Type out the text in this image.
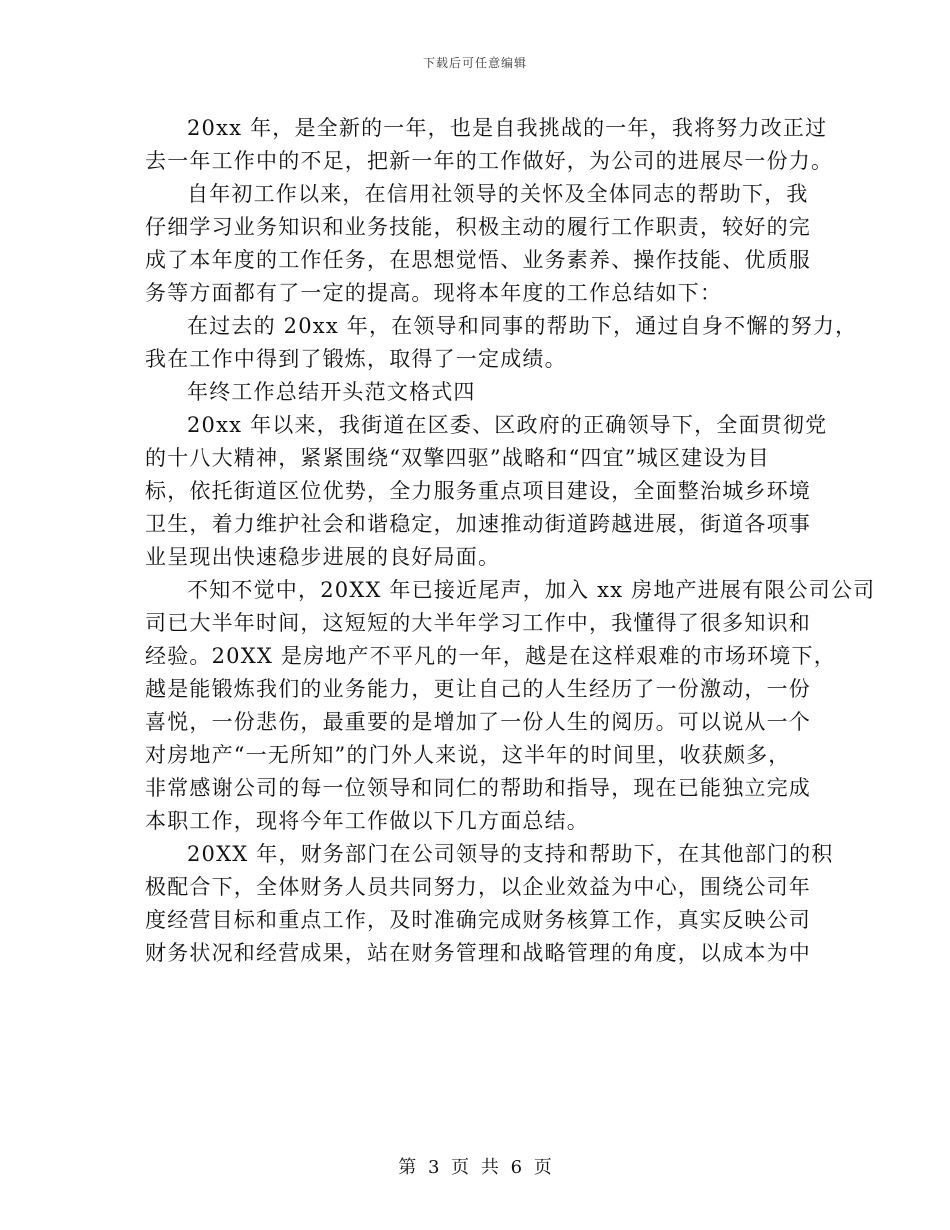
下载后可任意编辑
20xx 年，是全新的一年，也是自我挑战的一年，我将努力改正过
去一年工作中的不足，把新一年的工作做好，为公司的进展尽一份力。
自年初工作以来，在信用社领导的关怀及全体同志的帮助下，我
仔细学习业务知识和业务技能，积极主动的履行工作职责，较好的完
成了本年度的工作任务，在思想觉悟、业务素养、操作技能、优质服
务等方面都有了一定的提高。现将本年度的工作总结如下：
在过去的 20xx 年，在领导和同事的帮助下，通过自身不懈的努力，
我在工作中得到了锻炼，取得了一定成绩。
年终工作总结开头范文格式四
20xx 年以来，我街道在区委、区政府的正确领导下，全面贯彻党
的十八大精神，紧紧围绕“双擎四驱”战略和“四宜”城区建设为目
标，依托街道区位优势，全力服务重点项目建设，全面整治城乡环境
卫生，着力维护社会和谐稳定，加速推动街道跨越进展，街道各项事
业呈现出快速稳步进展的良好局面。
不知不觉中，20XX 年已接近尾声，加入 xx 房地产进展有限公司公司
司已大半年时间，这短短的大半年学习工作中，我懂得了很多知识和
经验。20XX 是房地产不平凡的一年，越是在这样艰难的市场环境下，
越是能锻炼我们的业务能力，更让自己的人生经历了一份激动，一份
喜悦，一份悲伤，最重要的是增加了一份人生的阅历。可以说从一个
对房地产“一无所知”的门外人来说，这半年的时间里，收获颇多，
非常感谢公司的每一位领导和同仁的帮助和指导，现在已能独立完成
本职工作，现将今年工作做以下几方面总结。
20XX 年，财务部门在公司领导的支持和帮助下，在其他部门的积
极配合下，全体财务人员共同努力，以企业效益为中心，围绕公司年
度经营目标和重点工作，及时准确完成财务核算工作，真实反映公司
财务状况和经营成果，站在财务管理和战略管理的角度，以成本为中
第 3 页 共 6 页
